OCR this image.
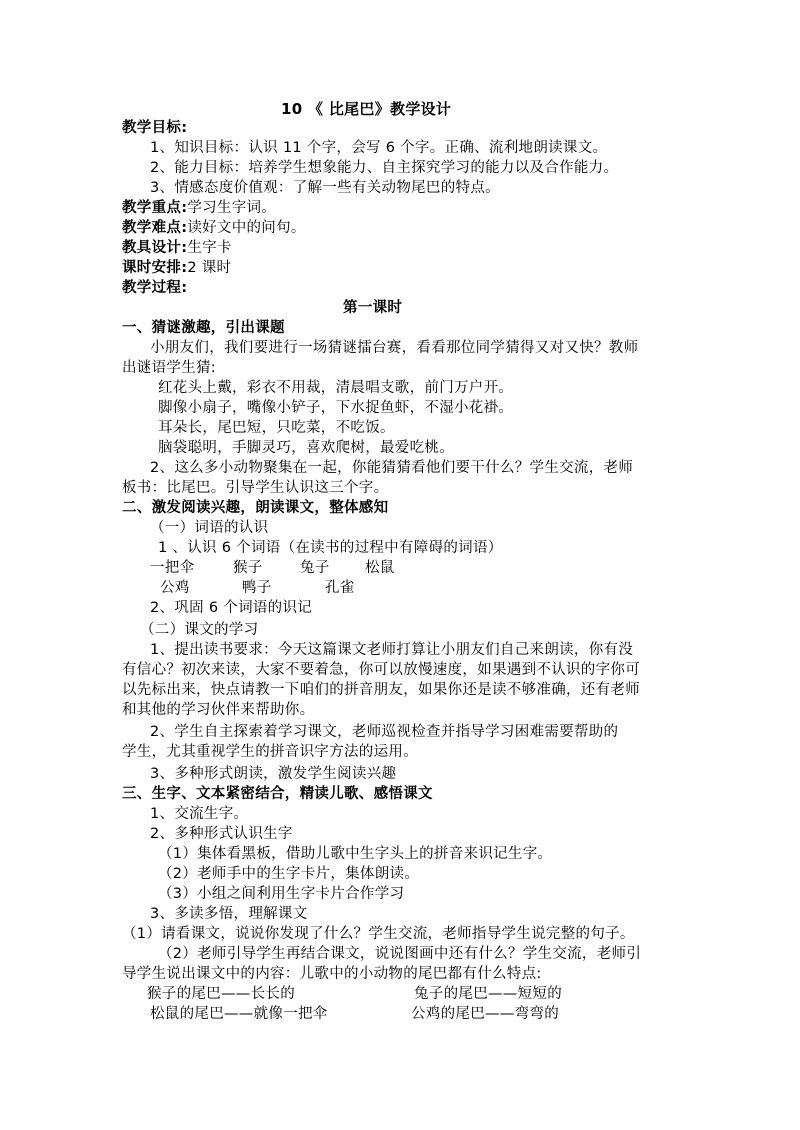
10 《 比尾巴》教学设计
教学目标:
1、知识目标：认识 11 个字，会写 6 个字。正确、流利地朗读课文。
2、能力目标：培养学生想象能力、自主探究学习的能力以及合作能力。
3、情感态度价值观：了解一些有关动物尾巴的特点。
教学重点:学习生字词。
教学难点:读好文中的问句。
教具设计:生字卡
课时安排:2 课时
教学过程:
第一课时
一、猜谜激趣，引出课题
小朋友们，我们要进行一场猜谜擂台赛，看看那位同学猜得又对又快？教师
出谜语学生猜:
红花头上戴，彩衣不用裁，清晨唱支歌，前门万户开。
脚像小扇子，嘴像小铲子，下水捉鱼虾，不湿小花褂。
耳朵长，尾巴短，只吃菜，不吃饭。
脑袋聪明，手脚灵巧，喜欢爬树，最爱吃桃。
2、这么多小动物聚集在一起，你能猜猜看他们要干什么？学生交流，老师
板书：比尾巴。引导学生认识这三个字。
二、激发阅读兴趣，朗读课文，整体感知
（一）词语的认识
1 、认识 6 个词语（在读书的过程中有障碍的词语）
一把伞	猴子	兔子 松鼠
公鸡	鸭子	孔雀
2、巩固 6 个词语的识记
（二）课文的学习
1、提出读书要求：今天这篇课文老师打算让小朋友们自己来朗读，你有没
有信心？初次来读，大家不要着急，你可以放慢速度，如果遇到不认识的字你可
以先标出来，快点请教一下咱们的拼音朋友，如果你还是读不够准确，还有老师
和其他的学习伙伴来帮助你。
2、学生自主探索着学习课文，老师巡视检查并指导学习困难需要帮助的
学生，尤其重视学生的拼音识字方法的运用。
3、多种形式朗读，激发学生阅读兴趣
三、生字、文本紧密结合，精读儿歌、感悟课文
1、交流生字。
2、多种形式认识生字
（1）集体看黑板，借助儿歌中生字头上的拼音来识记生字。
（2）老师手中的生字卡片，集体朗读。
（3）小组之间利用生字卡片合作学习
3、多读多悟，理解课文
（1）请看课文，说说你发现了什么？学生交流，老师指导学生说完整的句子。
（2）老师引导学生再结合课文，说说图画中还有什么？学生交流，老师引
导学生说出课文中的内容：儿歌中的小动物的尾巴都有什么特点:
猴子的尾巴——长长的	兔子的尾巴——短短的
松鼠的尾巴——就像一把伞	公鸡的尾巴——弯弯的
